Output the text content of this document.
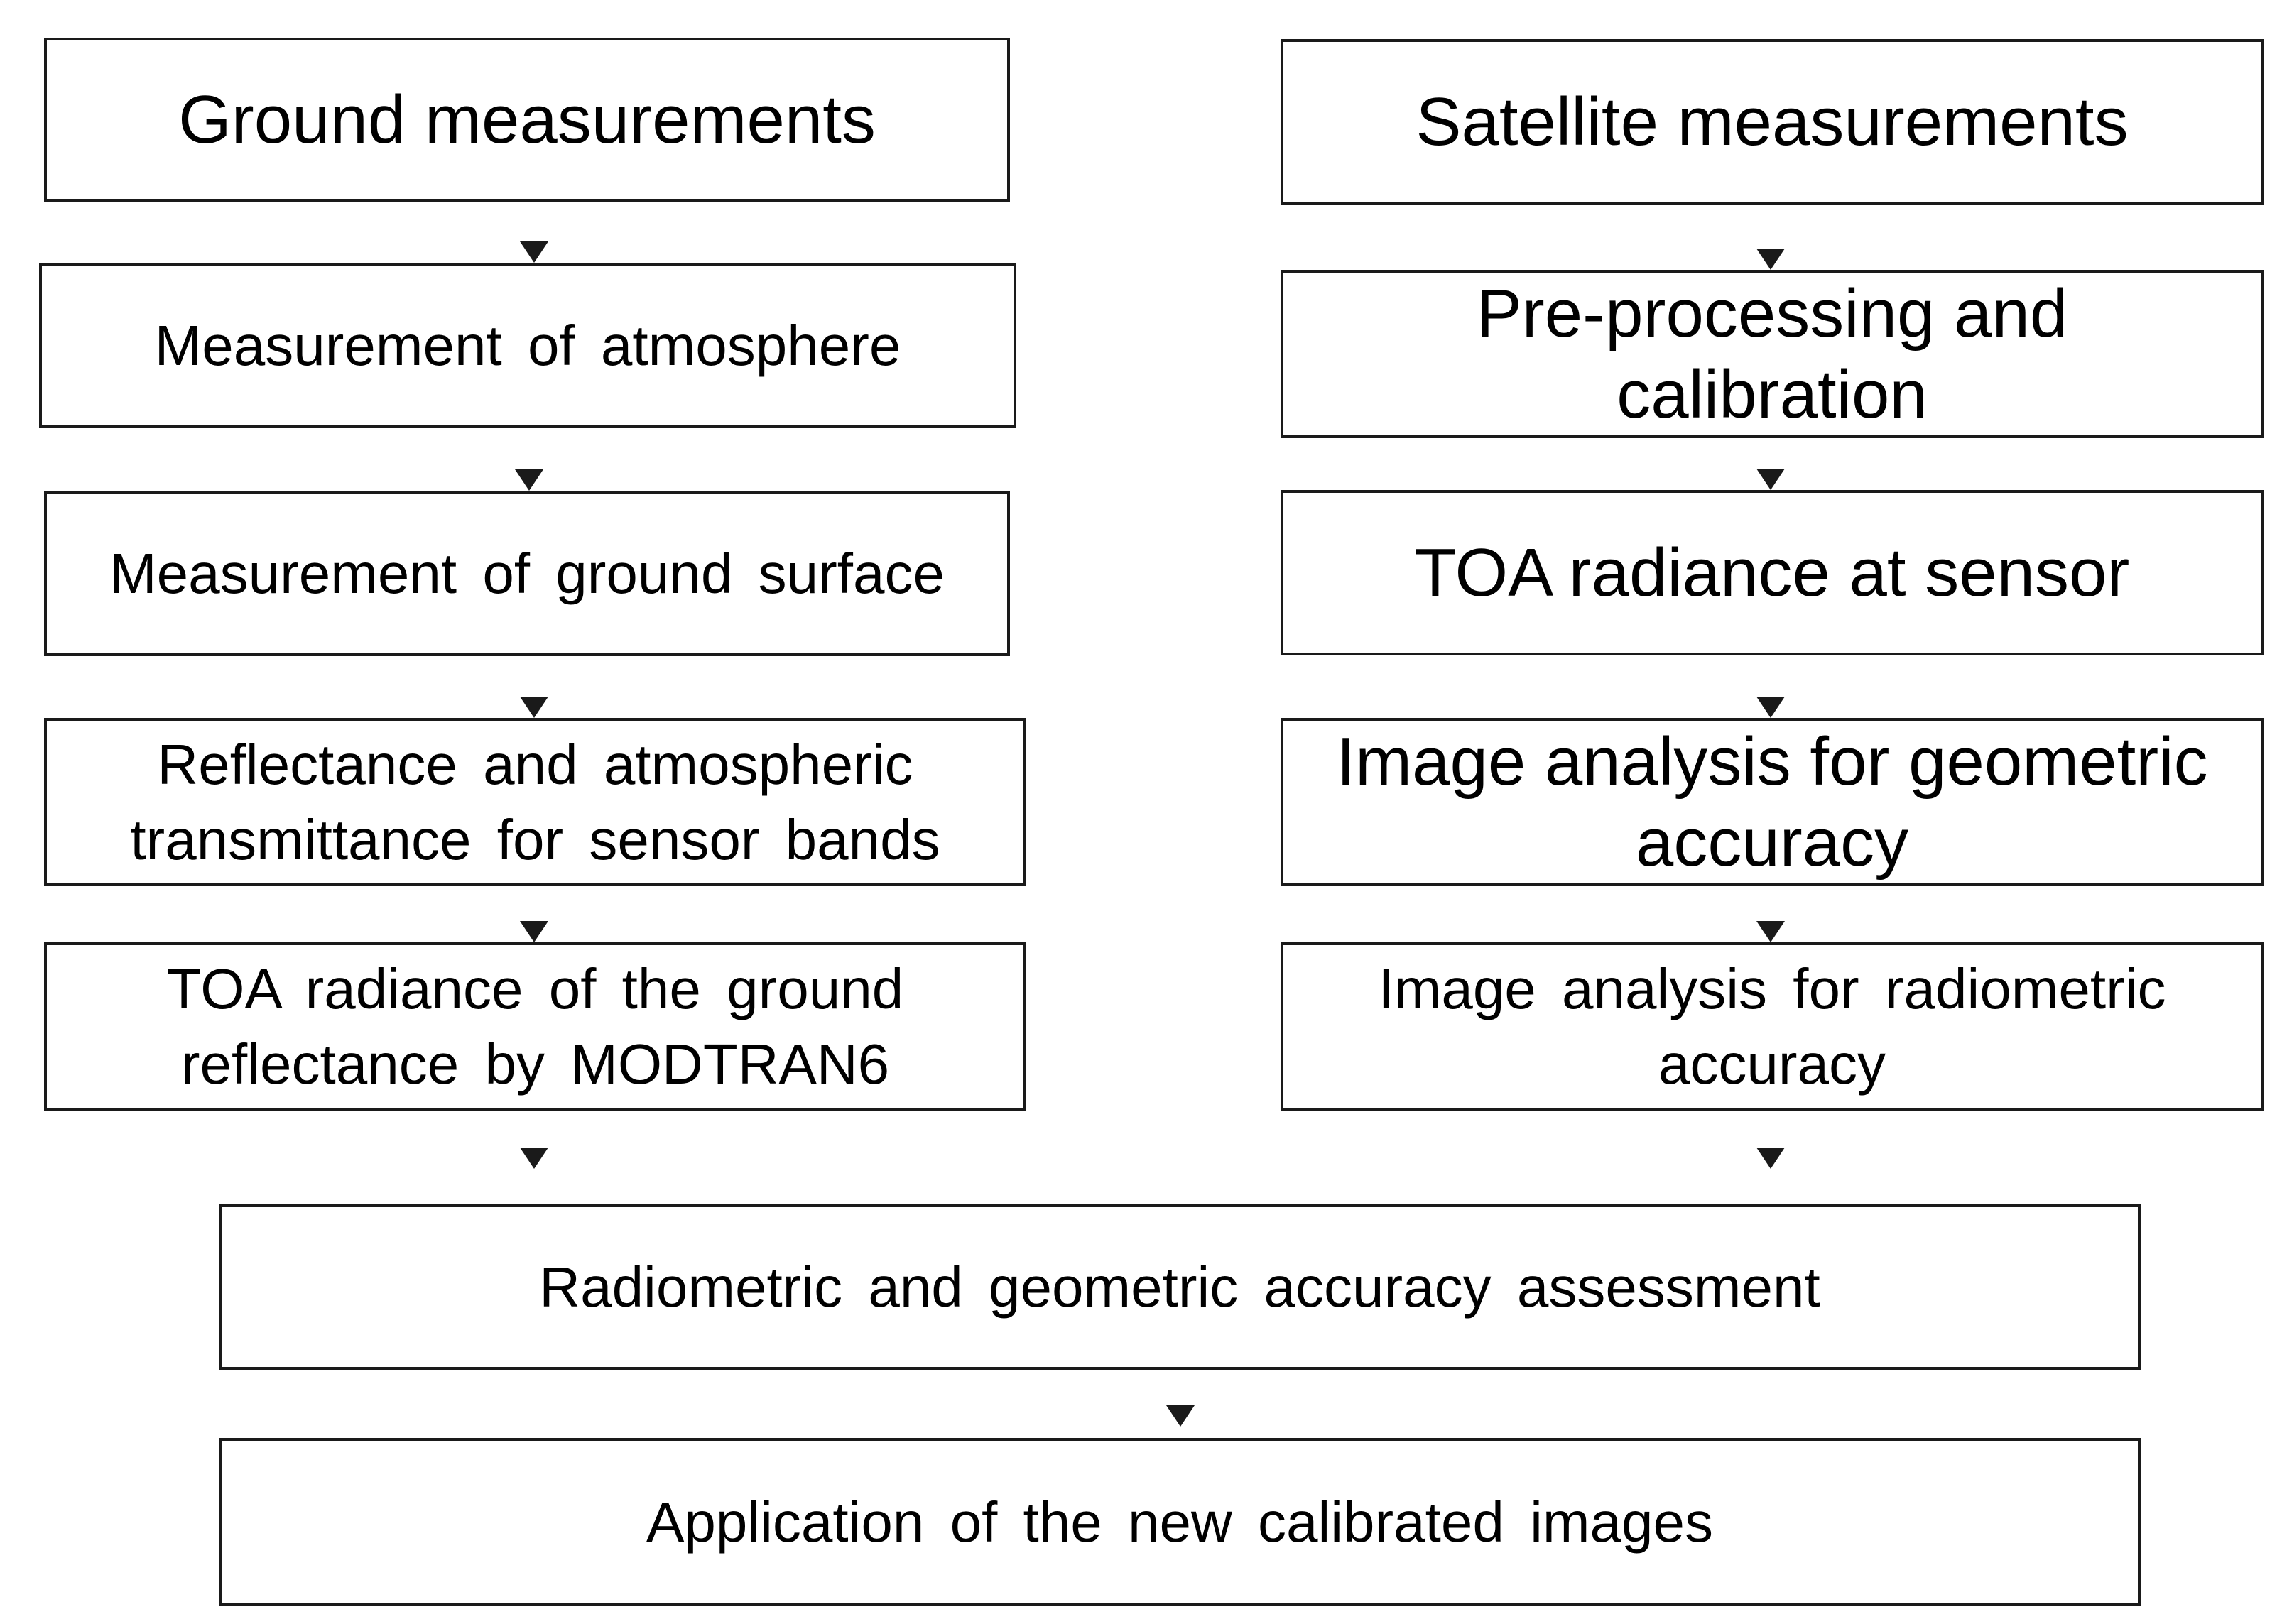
Ground measurements
Measurement of atmosphere
Measurement of ground surface
Reflectance and atmospheric
transmittance for sensor bands
TOA radiance of the ground
reflectance by MODTRAN6
Satellite measurements
Pre-processing and
calibration
TOA radiance at sensor
Image analysis for geometric
accuracy
Image analysis for radiometric
accuracy
Radiometric and geometric accuracy assessment
Application of the new calibrated images
